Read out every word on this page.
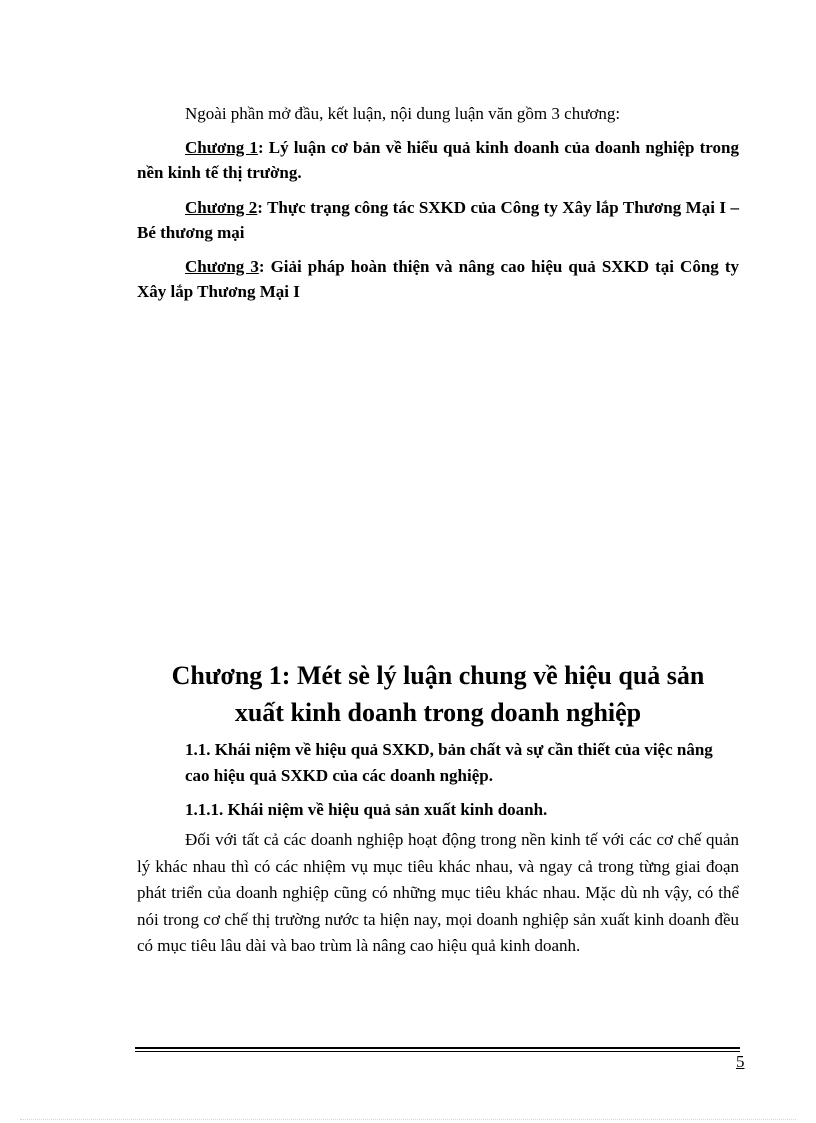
Ngoài phần mở đầu, kết luận, nội dung luận văn gồm 3 chương:

Chương 1: Lý luận cơ bản về hiểu quả kinh doanh của doanh nghiệp trong nền kinh tế thị trường.

Chương 2: Thực trạng công tác SXKD của Công ty Xây lắp Thương Mại I – Bé thương mại

Chương 3: Giải pháp hoàn thiện và nâng cao hiệu quả SXKD tại Công ty Xây lắp Thương Mại I

Chương 1: Mét sè lý luận chung về hiệu quả sản
xuất kinh doanh trong doanh nghiệp

1.1. Khái niệm về hiệu quả SXKD, bản chất và sự cần thiết của việc nâng cao hiệu quả SXKD của các doanh nghiệp.

1.1.1. Khái niệm về hiệu quả sản xuất kinh doanh.

Đối với tất cả các doanh nghiệp hoạt động trong nền kinh tế với các cơ chế quản lý khác nhau thì có các nhiệm vụ mục tiêu khác nhau, và ngay cả trong từng giai đoạn phát triển của doanh nghiệp cũng có những mục tiêu khác nhau. Mặc dù nh vậy, có thể nói trong cơ chế thị trường nước ta hiện nay, mọi doanh nghiệp sản xuất kinh doanh đều có mục tiêu lâu dài và bao trùm là nâng cao hiệu quả kinh doanh.

5
